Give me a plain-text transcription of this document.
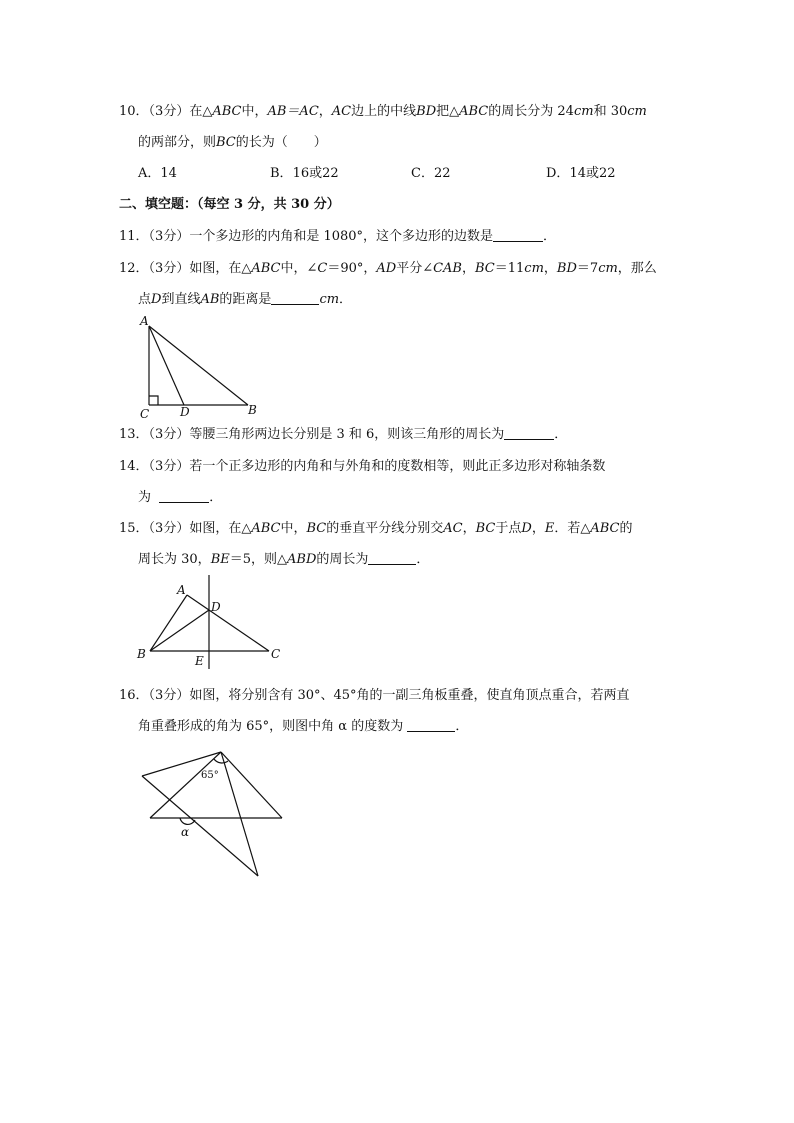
10．（3分）在△ABC中，AB＝AC，AC边上的中线BD把△ABC的周长分为 24cm和 30cm
的两部分，则BC的长为（　　）
A．14	B．16或22	C．22	D．14或22
二、填空题：（每空 3 分，共 30 分）
11．（3分）一个多边形的内角和是 1080°，这个多边形的边数是	．
12．（3分）如图，在△ABC中，∠C＝90°，AD平分∠CAB，BC＝11cm，BD＝7cm，那么
点D到直线AB的距离是	cm．
A
C	D	B
13．（3分）等腰三角形两边长分别是 3 和 6，则该三角形的周长为	．
14．（3分）若一个正多边形的内角和与外角和的度数相等，则此正多边形对称轴条数
为	．
15．（3分）如图，在△ABC中，BC的垂直平分线分别交AC，BC于点D，E．若△ABC的
周长为 30，BE＝5，则△ABD的周长为	．
A
D
B	E	C
16．（3分）如图，将分别含有 30°、45°角的一副三角板重叠，使直角顶点重合，若两直
角重叠形成的角为 65°，则图中角 α 的度数为	．
65°
α
